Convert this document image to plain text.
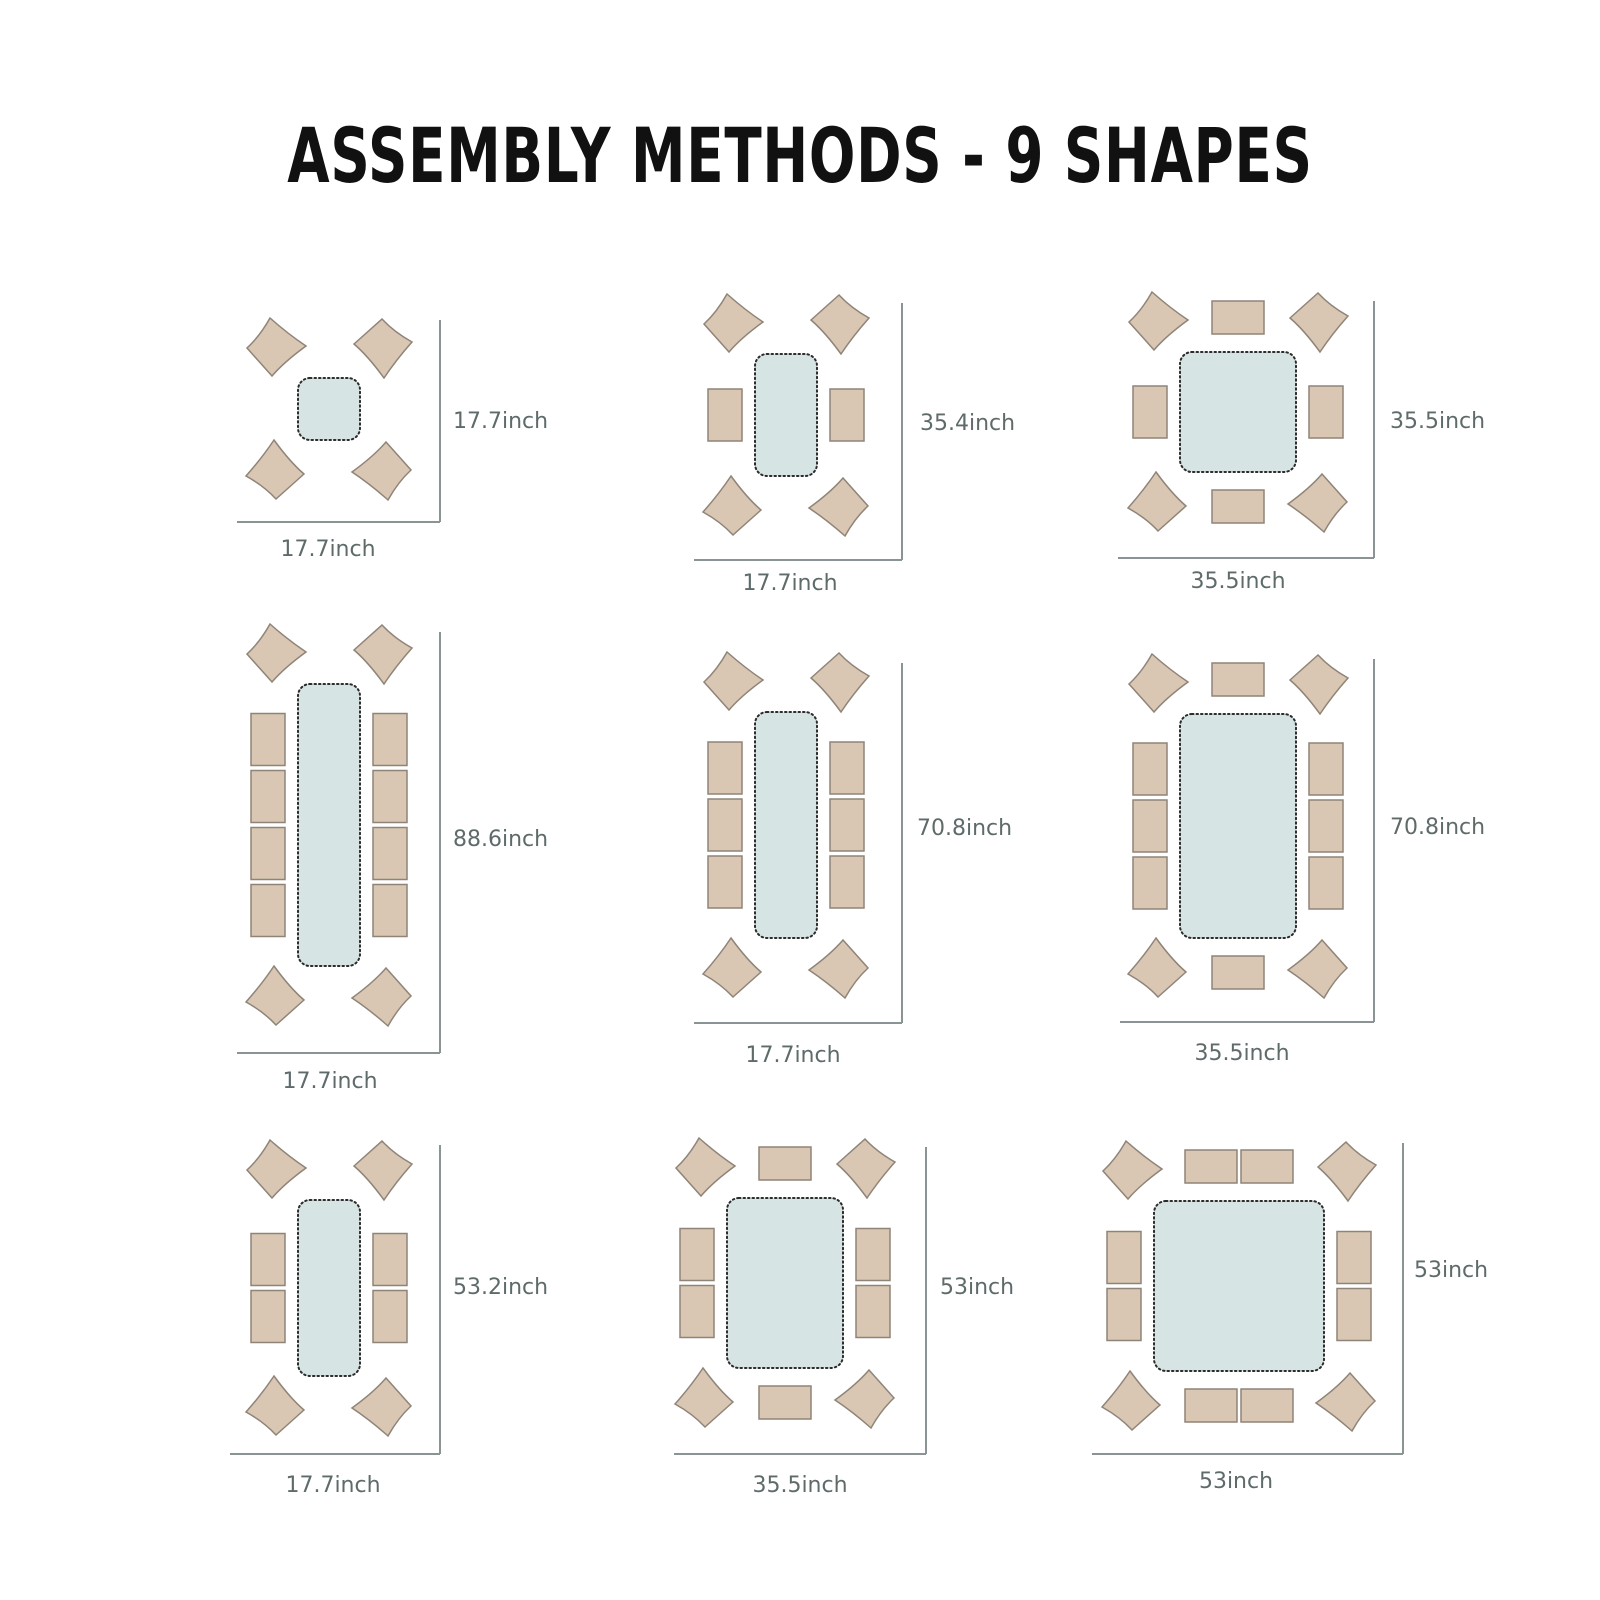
ASSEMBLY METHODS - 9 SHAPES
17.7inch
17.7inch
17.7inch
35.4inch
35.5inch
35.5inch
17.7inch
88.6inch
17.7inch
70.8inch
35.5inch
70.8inch
17.7inch
53.2inch
35.5inch
53inch
53inch
53inch
